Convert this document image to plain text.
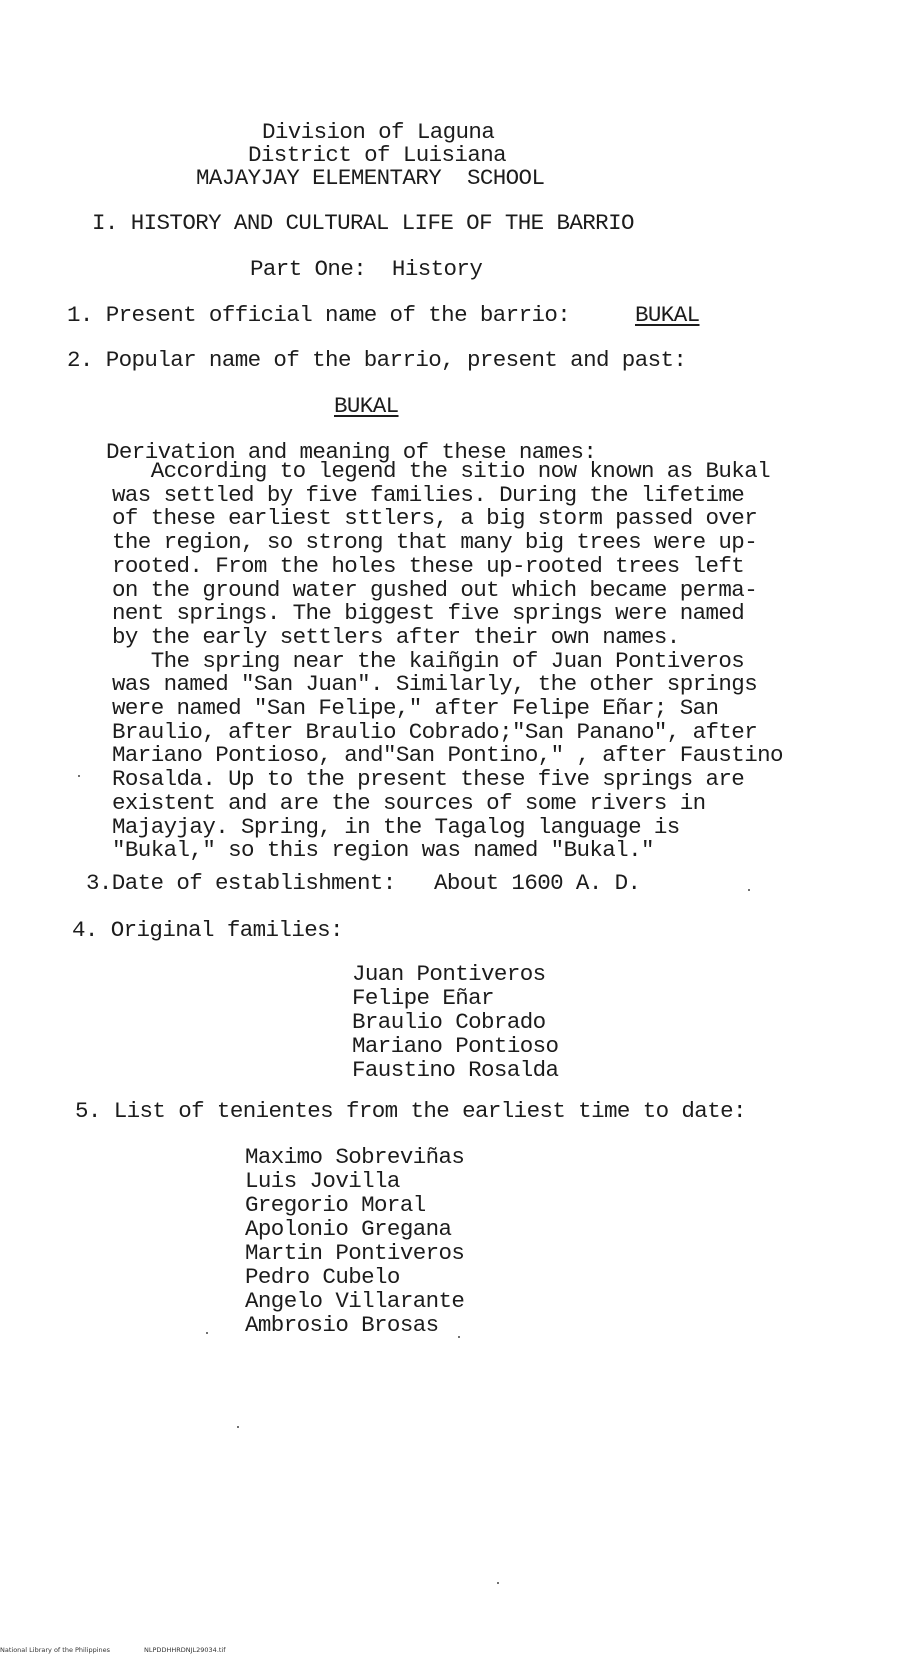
Division of Laguna
District of Luisiana
MAJAYJAY ELEMENTARY  SCHOOL
I. HISTORY AND CULTURAL LIFE OF THE BARRIO
Part One:  History
1. Present official name of the barrio:	BUKAL
2. Popular name of the barrio, present and past:
BUKAL
Derivation and meaning of these names:

According to legend the sitio now known as Bukal

was settled by five families. During the lifetime

of these earliest sttlers, a big storm passed over

the region, so strong that many big trees were up-

rooted. From the holes these up-rooted trees left

on the ground water gushed out which became perma-

nent springs. The biggest five springs were named

by the early settlers after their own names.

The spring near the kaiñgin of Juan Pontiveros

was named "San Juan". Similarly, the other springs

were named "San Felipe," after Felipe Eñar; San

Braulio, after Braulio Cobrado;"San Panano", after

Mariano Pontioso, and"San Pontino," , after Faustino

Rosalda. Up to the present these five springs are

existent and are the sources of some rivers in

Majayjay. Spring, in the Tagalog language is

"Bukal," so this region was named "Bukal."

3.Date of establishment: About 1600 A. D.
4. Original families:
Juan Pontiveros
Felipe Eñar
Braulio Cobrado
Mariano Pontioso
Faustino Rosalda
5. List of tenientes from the earliest time to date:
Maximo Sobreviñas
Luis Jovilla
Gregorio Moral
Apolonio Gregana
Martin Pontiveros
Pedro Cubelo
Angelo Villarante
Ambrosio Brosas
National Library of the Philippines	NLPDDHHRDNJL29034.tif
